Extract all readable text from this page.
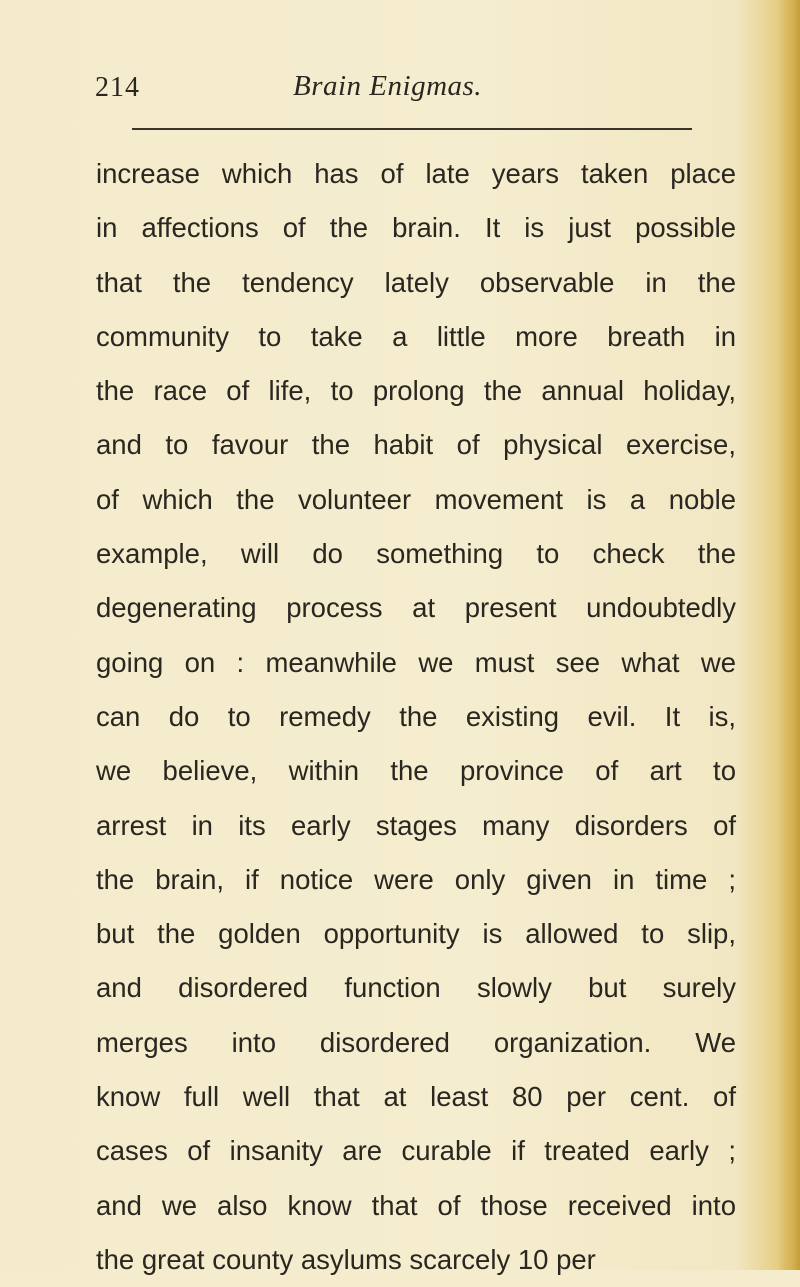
214	Brain Enigmas.
increase which has of late years taken place
in affections of the brain. It is just possible
that the tendency lately observable in the
community to take a little more breath in
the race of life, to prolong the annual holiday,
and to favour the habit of physical exercise,
of which the volunteer movement is a noble
example, will do something to check the
degenerating process at present undoubtedly
going on : meanwhile we must see what we
can do to remedy the existing evil. It is,
we believe, within the province of art to
arrest in its early stages many disorders of
the brain, if notice were only given in time ;
but the golden opportunity is allowed to slip,
and disordered function slowly but surely
merges into disordered organization. We
know full well that at least 80 per cent. of
cases of insanity are curable if treated early ;
and we also know that of those received into
the great county asylums scarcely 10 per
